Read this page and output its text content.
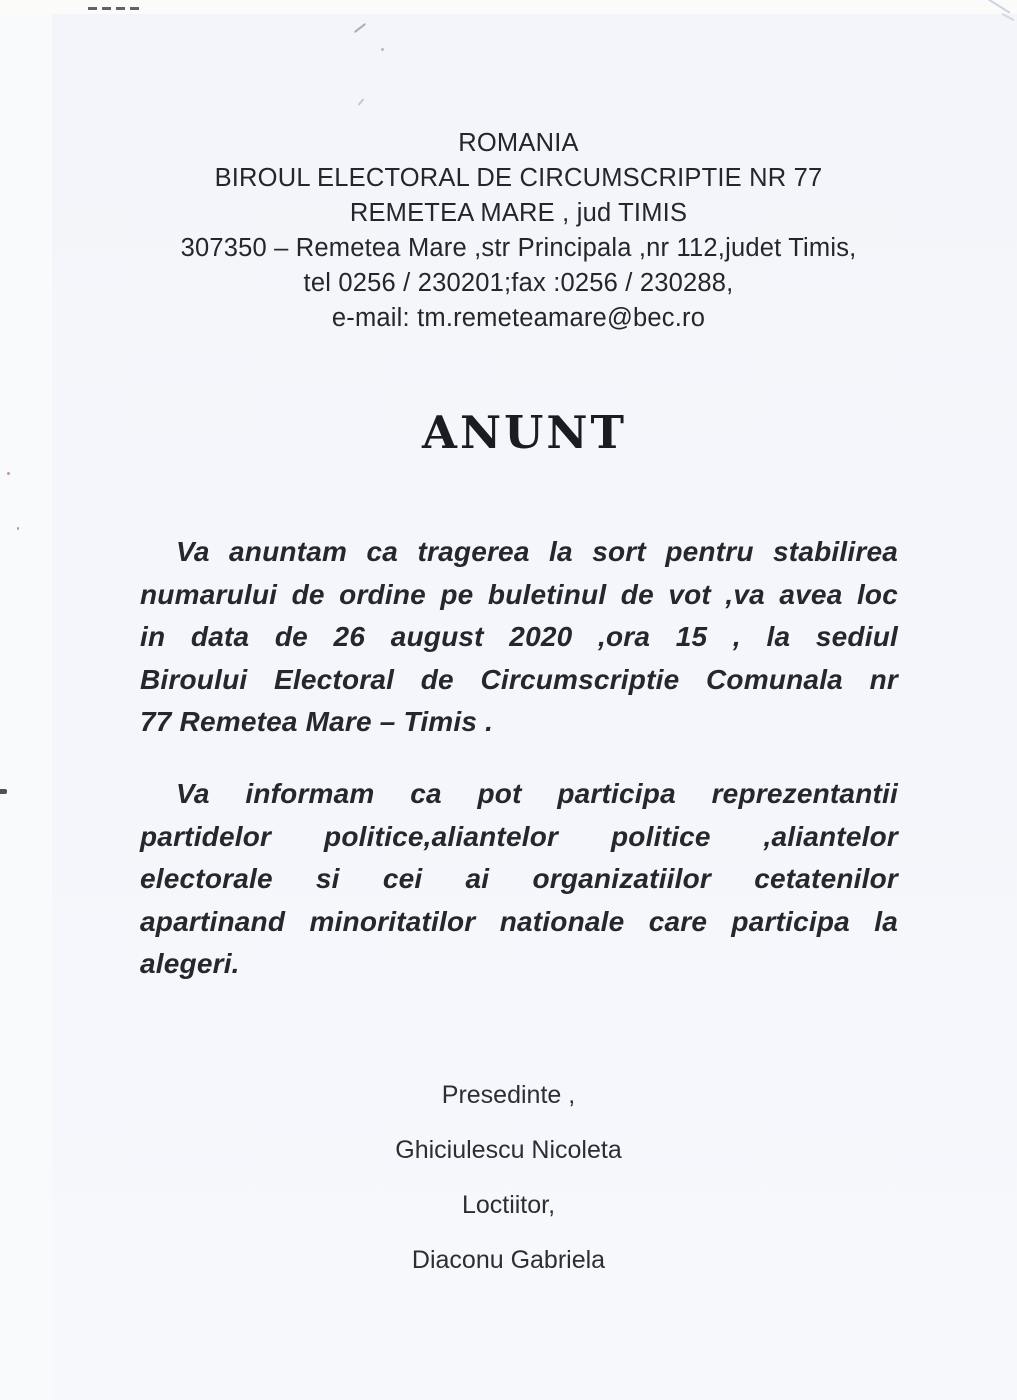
ROMANIA
BIROUL ELECTORAL DE CIRCUMSCRIPTIE NR 77
REMETEA MARE , jud TIMIS
307350 – Remetea Mare ,str Principala ,nr 112,judet Timis,
tel 0256 / 230201;fax :0256 / 230288,
e-mail: tm.remeteamare@bec.ro
ANUNT
Va anuntam ca tragerea la sort pentru stabilirea
numarului de ordine pe buletinul de vot ,va avea loc
in data de 26 august 2020 ,ora 15 , la sediul
Biroului Electoral de Circumscriptie Comunala nr
77 Remetea Mare – Timis .
Va informam ca pot participa reprezentantii
partidelor politice,aliantelor politice ,aliantelor
electorale si cei ai organizatiilor cetatenilor
apartinand minoritatilor nationale care participa la
alegeri.
Presedinte ,
Ghiciulescu Nicoleta
Loctiitor,
Diaconu Gabriela
